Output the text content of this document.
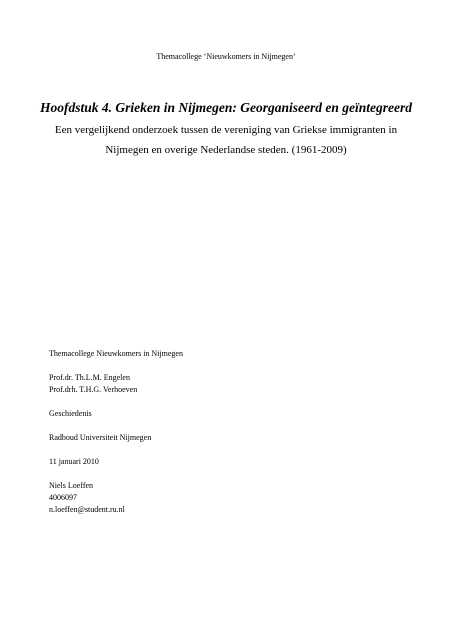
Themacollege ‘Nieuwkomers in Nijmegen’
Hoofdstuk 4. Grieken in Nijmegen: Georganiseerd en geïntegreerd
Een vergelijkend onderzoek tussen de vereniging van Griekse immigranten in
Nijmegen en overige Nederlandse steden. (1961-2009)
Themacollege Nieuwkomers in Nijmegen
Prof.dr. Th.L.M. Engelen
Prof.drh. T.H.G. Verhoeven
Geschiedenis
Radboud Universiteit Nijmegen
11 januari 2010
Niels Loeffen
4006097
n.loeffen@student.ru.nl
